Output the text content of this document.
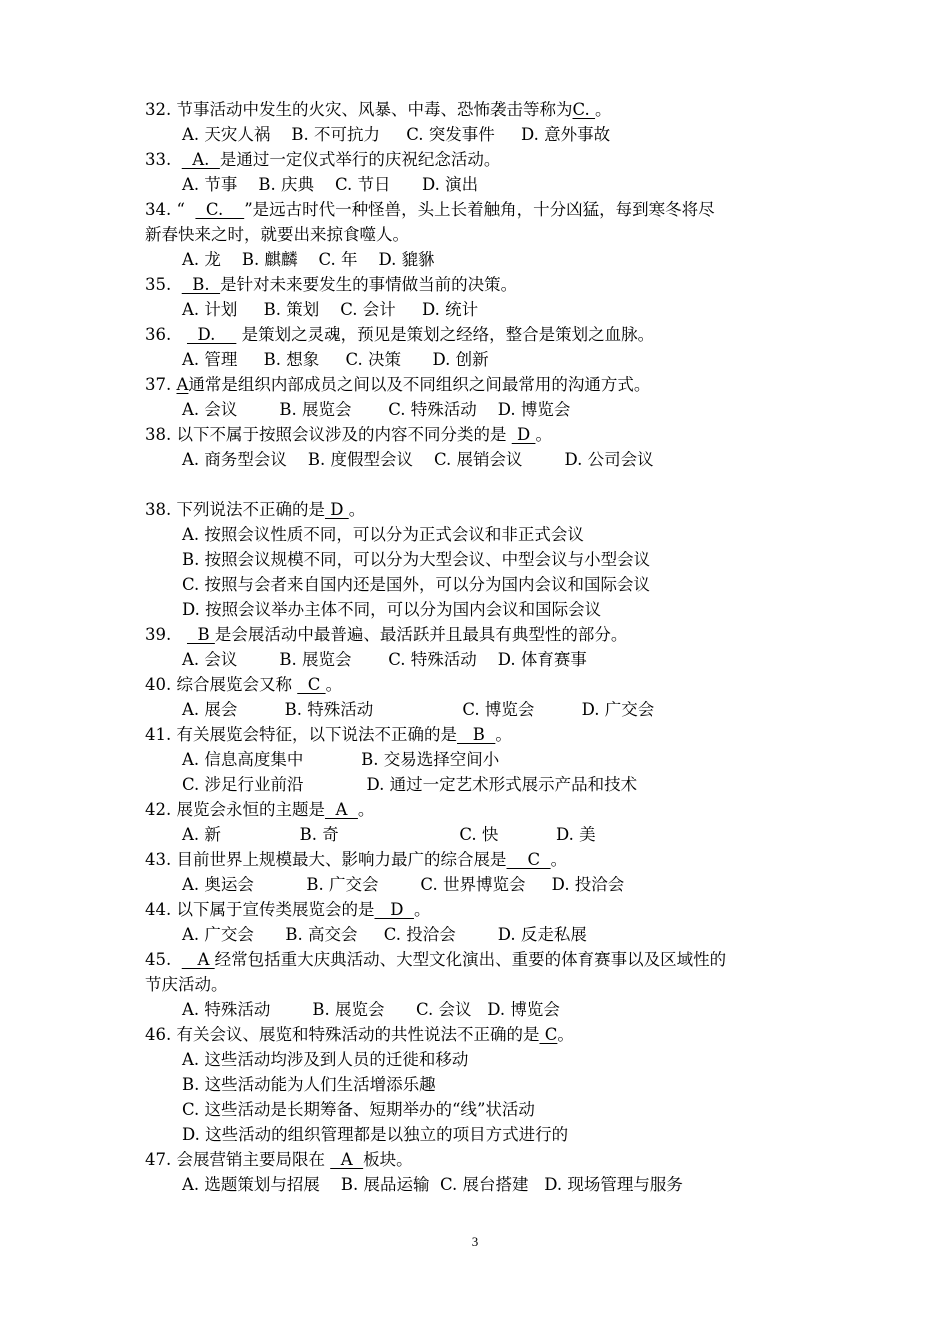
32. 节事活动中发生的火灾、风暴、中毒、恐怖袭击等称为C. 。
A. 天灾人祸    B. 不可抗力     C. 突发事件     D. 意外事故
33.    A.  是通过一定仪式举行的庆祝纪念活动。
A. 节事    B. 庆典    C. 节日      D. 演出
34. “    C.    ”是远古时代一种怪兽，头上长着触角，十分凶猛，每到寒冬将尽
新春快来之时，就要出来掠食噬人。
A. 龙    B. 麒麟    C. 年    D. 貔貅
35.    B.  是针对未来要发生的事情做当前的决策。
A. 计划     B. 策划    C. 会计     D. 统计
36.     D.     是策划之灵魂，预见是策划之经络，整合是策划之血脉。
A. 管理     B. 想象     C. 决策      D. 创新
37. A通常是组织内部成员之间以及不同组织之间最常用的沟通方式。
A. 会议        B. 展览会       C. 特殊活动    D. 博览会
38. 以下不属于按照会议涉及的内容不同分类的是  D 。
A. 商务型会议    B. 度假型会议    C. 展销会议        D. 公司会议
38. 下列说法不正确的是 D 。
A. 按照会议性质不同，可以分为正式会议和非正式会议
B. 按照会议规模不同，可以分为大型会议、中型会议与小型会议
C. 按照与会者来自国内还是国外，可以分为国内会议和国际会议
D. 按照会议举办主体不同，可以分为国内会议和国际会议
39.     B 是会展活动中最普遍、最活跃并且最具有典型性的部分。
A. 会议        B. 展览会       C. 特殊活动    D. 体育赛事
40. 综合展览会又称   C 。
A. 展会         B. 特殊活动                 C. 博览会         D. 广交会
41. 有关展览会特征，以下说法不正确的是   B  。
A. 信息高度集中           B. 交易选择空间小
C. 涉足行业前沿            D. 通过一定艺术形式展示产品和技术
42. 展览会永恒的主题是  A  。
A. 新               B. 奇                       C. 快           D. 美
43. 目前世界上规模最大、影响力最广的综合展是    C  。
A. 奥运会          B. 广交会        C. 世界博览会     D. 投洽会
44. 以下属于宣传类展览会的是   D  。
A. 广交会      B. 高交会     C. 投洽会        D. 反走私展
45.     A 经常包括重大庆典活动、大型文化演出、重要的体育赛事以及区域性的
节庆活动。
A. 特殊活动        B. 展览会      C. 会议   D. 博览会
46. 有关会议、展览和特殊活动的共性说法不正确的是 C。
A. 这些活动均涉及到人员的迁徙和移动
B. 这些活动能为人们生活增添乐趣
C. 这些活动是长期筹备、短期举办的“线”状活动
D. 这些活动的组织管理都是以独立的项目方式进行的
47. 会展营销主要局限在   A  板块。
A. 选题策划与招展    B. 展品运输  C. 展台搭建   D. 现场管理与服务
3
